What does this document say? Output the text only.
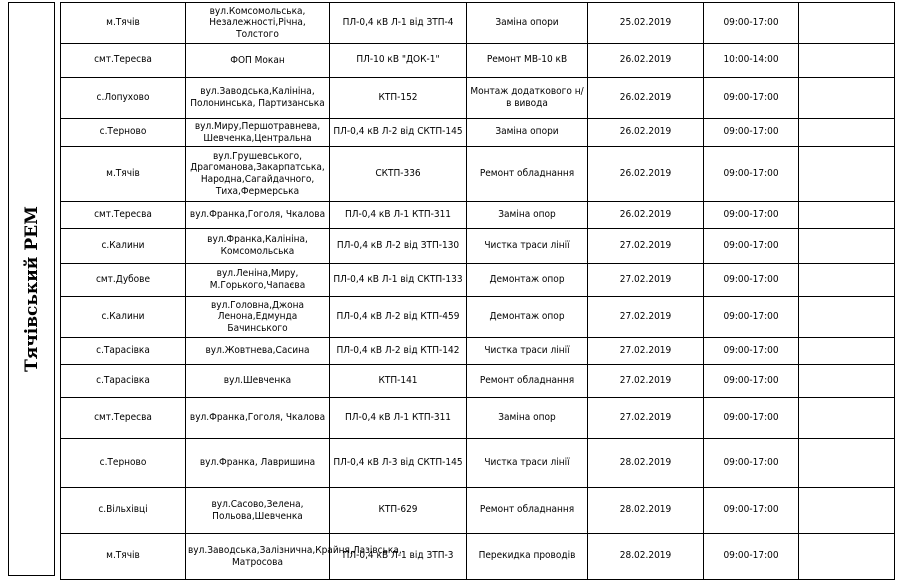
Тячівський РЕМ
м.Тячів	вул.Комсомольська, Незалежності,Річна, Толстого	ПЛ-0,4 кВ Л-1 від ЗТП-4	Заміна опори	25.02.2019	09:00-17:00	
смт.Тересва	ФОП Мокан	ПЛ-10 кВ "ДОК-1"	Ремонт МВ-10 кВ	26.02.2019	10:00-14:00	
с.Лопухово	вул.Заводська,Калініна, Полонинська, Партизанська	КТП-152	Монтаж додаткового н/в вивода	26.02.2019	09:00-17:00	
с.Терново	вул.Миру,Першотравнева, Шевченка,Центральна	ПЛ-0,4 кВ Л-2 від СКТП-145	Заміна опори	26.02.2019	09:00-17:00	
м.Тячів	вул.Грушевського, Драгоманова,Закарпатська, Народна,Сагайдачного, Тиха,Фермерська	СКТП-336	Ремонт обладнання	26.02.2019	09:00-17:00	
смт.Тересва	вул.Франка,Гоголя, Чкалова	ПЛ-0,4 кВ Л-1 КТП-311	Заміна опор	26.02.2019	09:00-17:00	
с.Калини	вул.Франка,Калініна, Комсомольська	ПЛ-0,4 кВ Л-2 від ЗТП-130	Чистка траси лінії	27.02.2019	09:00-17:00	
смт.Дубове	вул.Леніна,Миру, М.Горького,Чапаєва	ПЛ-0,4 кВ Л-1 від СКТП-133	Демонтаж опор	27.02.2019	09:00-17:00	
с.Калини	вул.Головна,Джона Ленона,Едмунда Бачинського	ПЛ-0,4 кВ Л-2 від КТП-459	Демонтаж опор	27.02.2019	09:00-17:00	
с.Тарасівка	вул.Жовтнева,Сасина	ПЛ-0,4 кВ Л-2 від КТП-142	Чистка траси лінії	27.02.2019	09:00-17:00	
с.Тарасівка	вул.Шевченка	КТП-141	Ремонт обладнання	27.02.2019	09:00-17:00	
смт.Тересва	вул.Франка,Гоголя, Чкалова	ПЛ-0,4 кВ Л-1 КТП-311	Заміна опор	27.02.2019	09:00-17:00	
с.Терново	вул.Франка, Лавришина	ПЛ-0,4 кВ Л-3 від СКТП-145	Чистка траси лінії	28.02.2019	09:00-17:00	
с.Вільхівці	вул.Сасово,Зелена, Польова,Шевченка	КТП-629	Ремонт обладнання	28.02.2019	09:00-17:00	
м.Тячів	вул.Заводська,Залізнична,Крайня,Лазівська, Матросова	ПЛ-0,4 кВ Л-1 від ЗТП-3	Перекидка проводів	28.02.2019	09:00-17:00	
